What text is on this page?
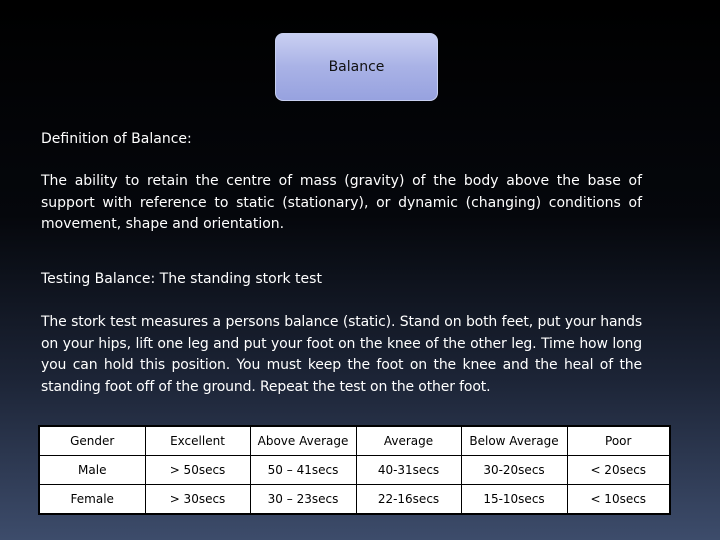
Balance
Definition of Balance:
The ability to retain the centre of mass (gravity) of the body above the base of support with reference to static (stationary), or dynamic (changing) conditions of movement, shape and orientation.
Testing Balance: The standing stork test
The stork test measures a persons balance (static). Stand on both feet, put your hands on your hips, lift one leg and put your foot on the knee of the other leg. Time how long you can hold this position. You must keep the foot on the knee and the heal of the standing foot off of the ground. Repeat the test on the other foot.
Gender	Excellent	Above Average	Average	Below Average	Poor
Male	> 50secs	50 – 41secs	40-31secs	30-20secs	< 20secs
Female	> 30secs	30 – 23secs	22-16secs	15-10secs	< 10secs
